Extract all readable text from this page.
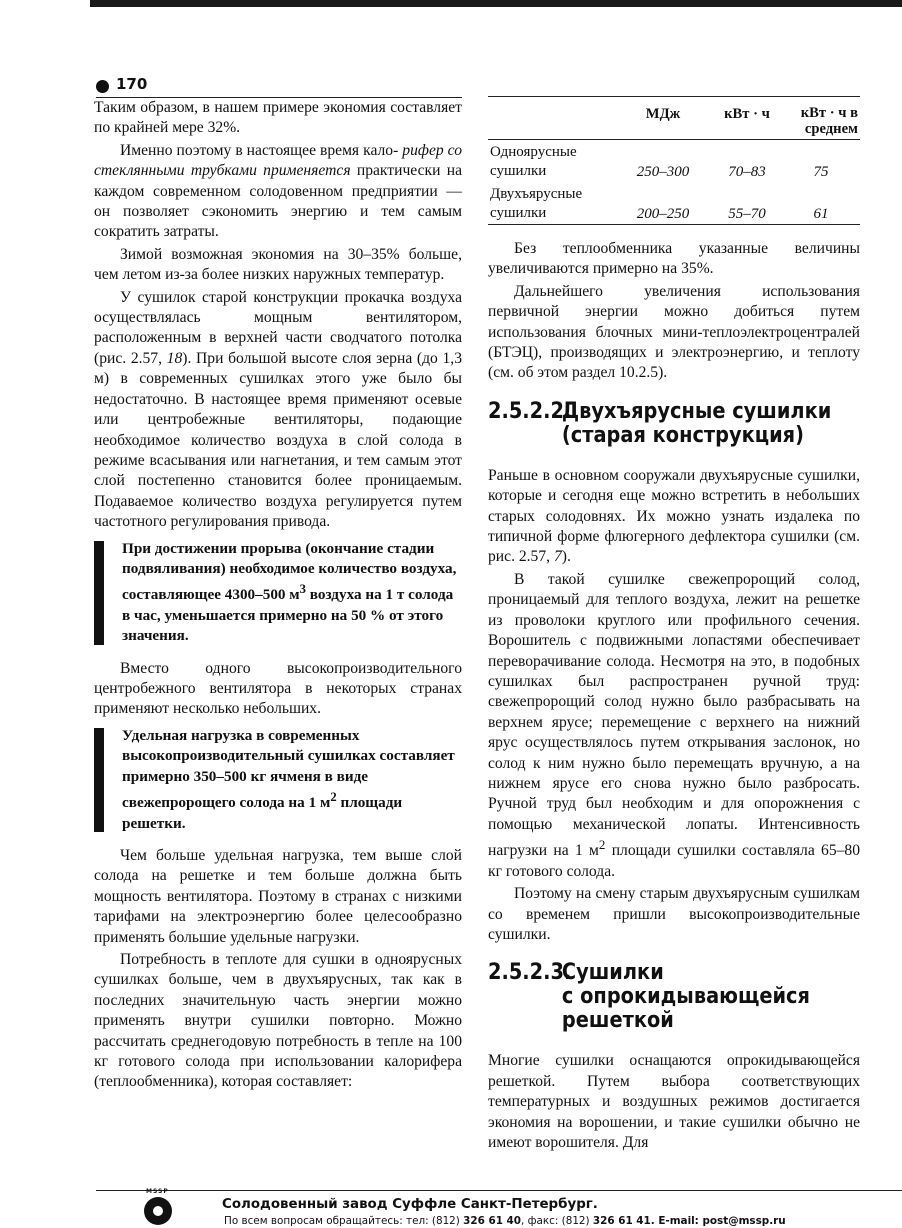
170

Таким образом, в нашем примере экономия составляет по крайней мере 32%.

Именно поэтому в настоящее время кало- рифер со стеклянными трубками применяется практически на каждом современном солодовенном предприятии — он позволяет сэкономить энергию и тем самым сократить затраты.

Зимой возможная экономия на 30–35% больше, чем летом из-за более низких наружных температур.

У сушилок старой конструкции прокачка воздуха осуществлялась мощным вентилятором, расположенным в верхней части сводчатого потолка (рис. 2.57, 18). При большой высоте слоя зерна (до 1,3 м) в современных сушилках этого уже было бы недостаточно. В настоящее время применяют осевые или центробежные вентиляторы, подающие необходимое количество воздуха в слой солода в режиме всасывания или нагнетания, и тем самым этот слой постепенно становится более проницаемым. Подаваемое количество воздуха регулируется путем частотного регулирования привода.

При достижении прорыва (окончание стадии подвяливания) необходимое количество воздуха, составляющее 4300–500 $м^3$ воздуха на 1 т солода в час, уменьшается примерно на 50 % от этого значения.

Вместо одного высокопроизводительного центробежного вентилятора в некоторых странах применяют несколько небольших.

Удельная нагрузка в современных высокопроизводительный сушилках составляет примерно 350–500 кг ячменя в виде свежепророщего солода на 1 $м^2$ площади решетки.

Чем больше удельная нагрузка, тем выше слой солода на решетке и тем больше должна быть мощность вентилятора. Поэтому в странах с низкими тарифами на электроэнергию более целесообразно применять большие удельные нагрузки.

Потребность в теплоте для сушки в одноярусных сушилках больше, чем в двухъярусных, так как в последних значительную часть энергии можно применять внутри сушилки повторно. Можно рассчитать среднегодовую потребность в тепле на 100 кг готового солода при использовании калорифера (теплообменника), которая составляет:

	МДж	кВт · ч	кВт · ч в среднем
Одноярусные сушилки	250–300	70–83	75
Двухъярусные сушилки	200–250	55–70	61

Без теплообменника указанные величины увеличиваются примерно на 35%.

Дальнейшего увеличения использования первичной энергии можно добиться путем использования блочных мини-теплоэлектроцентралей (БТЭЦ), производящих и электроэнергию, и теплоту (см. об этом раздел 10.2.5).

2.5.2.2.
Двухъярусные сушилки
(старая конструкция)

Раньше в основном сооружали двухъярусные сушилки, которые и сегодня еще можно встретить в небольших старых солодовнях. Их можно узнать издалека по типичной форме флюгерного дефлектора сушилки (см. рис. 2.57, 7).

В такой сушилке свежепророщий солод, проницаемый для теплого воздуха, лежит на решетке из проволоки круглого или профильного сечения. Ворошитель с подвижными лопастями обеспечивает переворачивание солода. Несмотря на это, в подобных сушилках был распространен ручной труд: свежепророщий солод нужно было разбрасывать на верхнем ярусе; перемещение с верхнего на нижний ярус осуществлялось путем открывания заслонок, но солод к ним нужно было перемещать вручную, а на нижнем ярусе его снова нужно было разбросать. Ручной труд был необходим и для опорожнения с помощью механической лопаты. Интенсивность нагрузки на 1 $м^2$ площади сушилки составляла 65–80 кг готового солода.

Поэтому на смену старым двухъярусным сушилкам со временем пришли высокопроизводительные сушилки.

2.5.2.3.
Сушилки
с опрокидывающейся
решеткой

Многие сушилки оснащаются опрокидывающейся решеткой. Путем выбора соответствующих температурных и воздушных режимов достигается экономия на ворошении, и такие сушилки обычно не имеют ворошителя. Для

MSSP
Солодовенный завод Суффле Санкт-Петербург.
По всем вопросам обращайтесь: тел: (812) 326 61 40, факс: (812) 326 61 41. E-mail: post@mssp.ru
